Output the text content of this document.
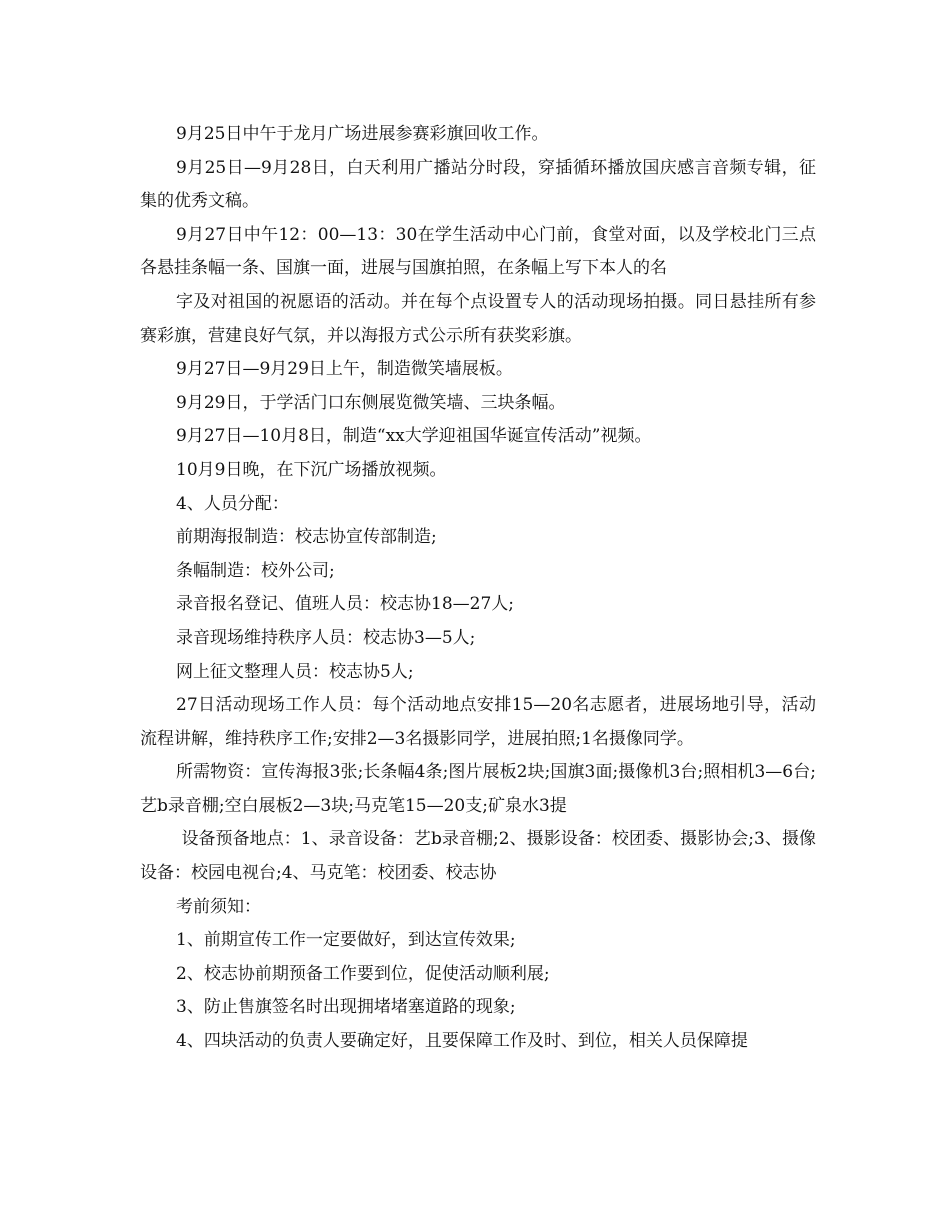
9月25日中午于龙月广场进展参赛彩旗回收工作。

9月25日—9月28日，白天利用广播站分时段，穿插循环播放国庆感言音频专辑，征集的优秀文稿。

9月27日中午12：00—13：30在学生活动中心门前，食堂对面，以及学校北门三点各悬挂条幅一条、国旗一面，进展与国旗拍照，在条幅上写下本人的名

字及对祖国的祝愿语的活动。并在每个点设置专人的活动现场拍摄。同日悬挂所有参赛彩旗，营建良好气氛，并以海报方式公示所有获奖彩旗。

9月27日—9月29日上午，制造微笑墙展板。

9月29日，于学活门口东侧展览微笑墙、三块条幅。

9月27日—10月8日，制造“xx大学迎祖国华诞宣传活动”视频。

10月9日晚，在下沉广场播放视频。

4、人员分配：

前期海报制造：校志协宣传部制造;

条幅制造：校外公司;

录音报名登记、值班人员：校志协18—27人;

录音现场维持秩序人员：校志协3—5人;

网上征文整理人员：校志协5人;

27日活动现场工作人员：每个活动地点安排15—20名志愿者，进展场地引导，活动流程讲解，维持秩序工作;安排2—3名摄影同学，进展拍照;1名摄像同学。

所需物资：宣传海报3张;长条幅4条;图片展板2块;国旗3面;摄像机3台;照相机3—6台;艺b录音棚;空白展板2—3块;马克笔15—20支;矿泉水3提

设备预备地点：1、录音设备：艺b录音棚;2、摄影设备：校团委、摄影协会;3、摄像设备：校园电视台;4、马克笔：校团委、校志协

考前须知：

1、前期宣传工作一定要做好，到达宣传效果;

2、校志协前期预备工作要到位，促使活动顺利展;

3、防止售旗签名时出现拥堵堵塞道路的现象;

4、四块活动的负责人要确定好，且要保障工作及时、到位，相关人员保障提
